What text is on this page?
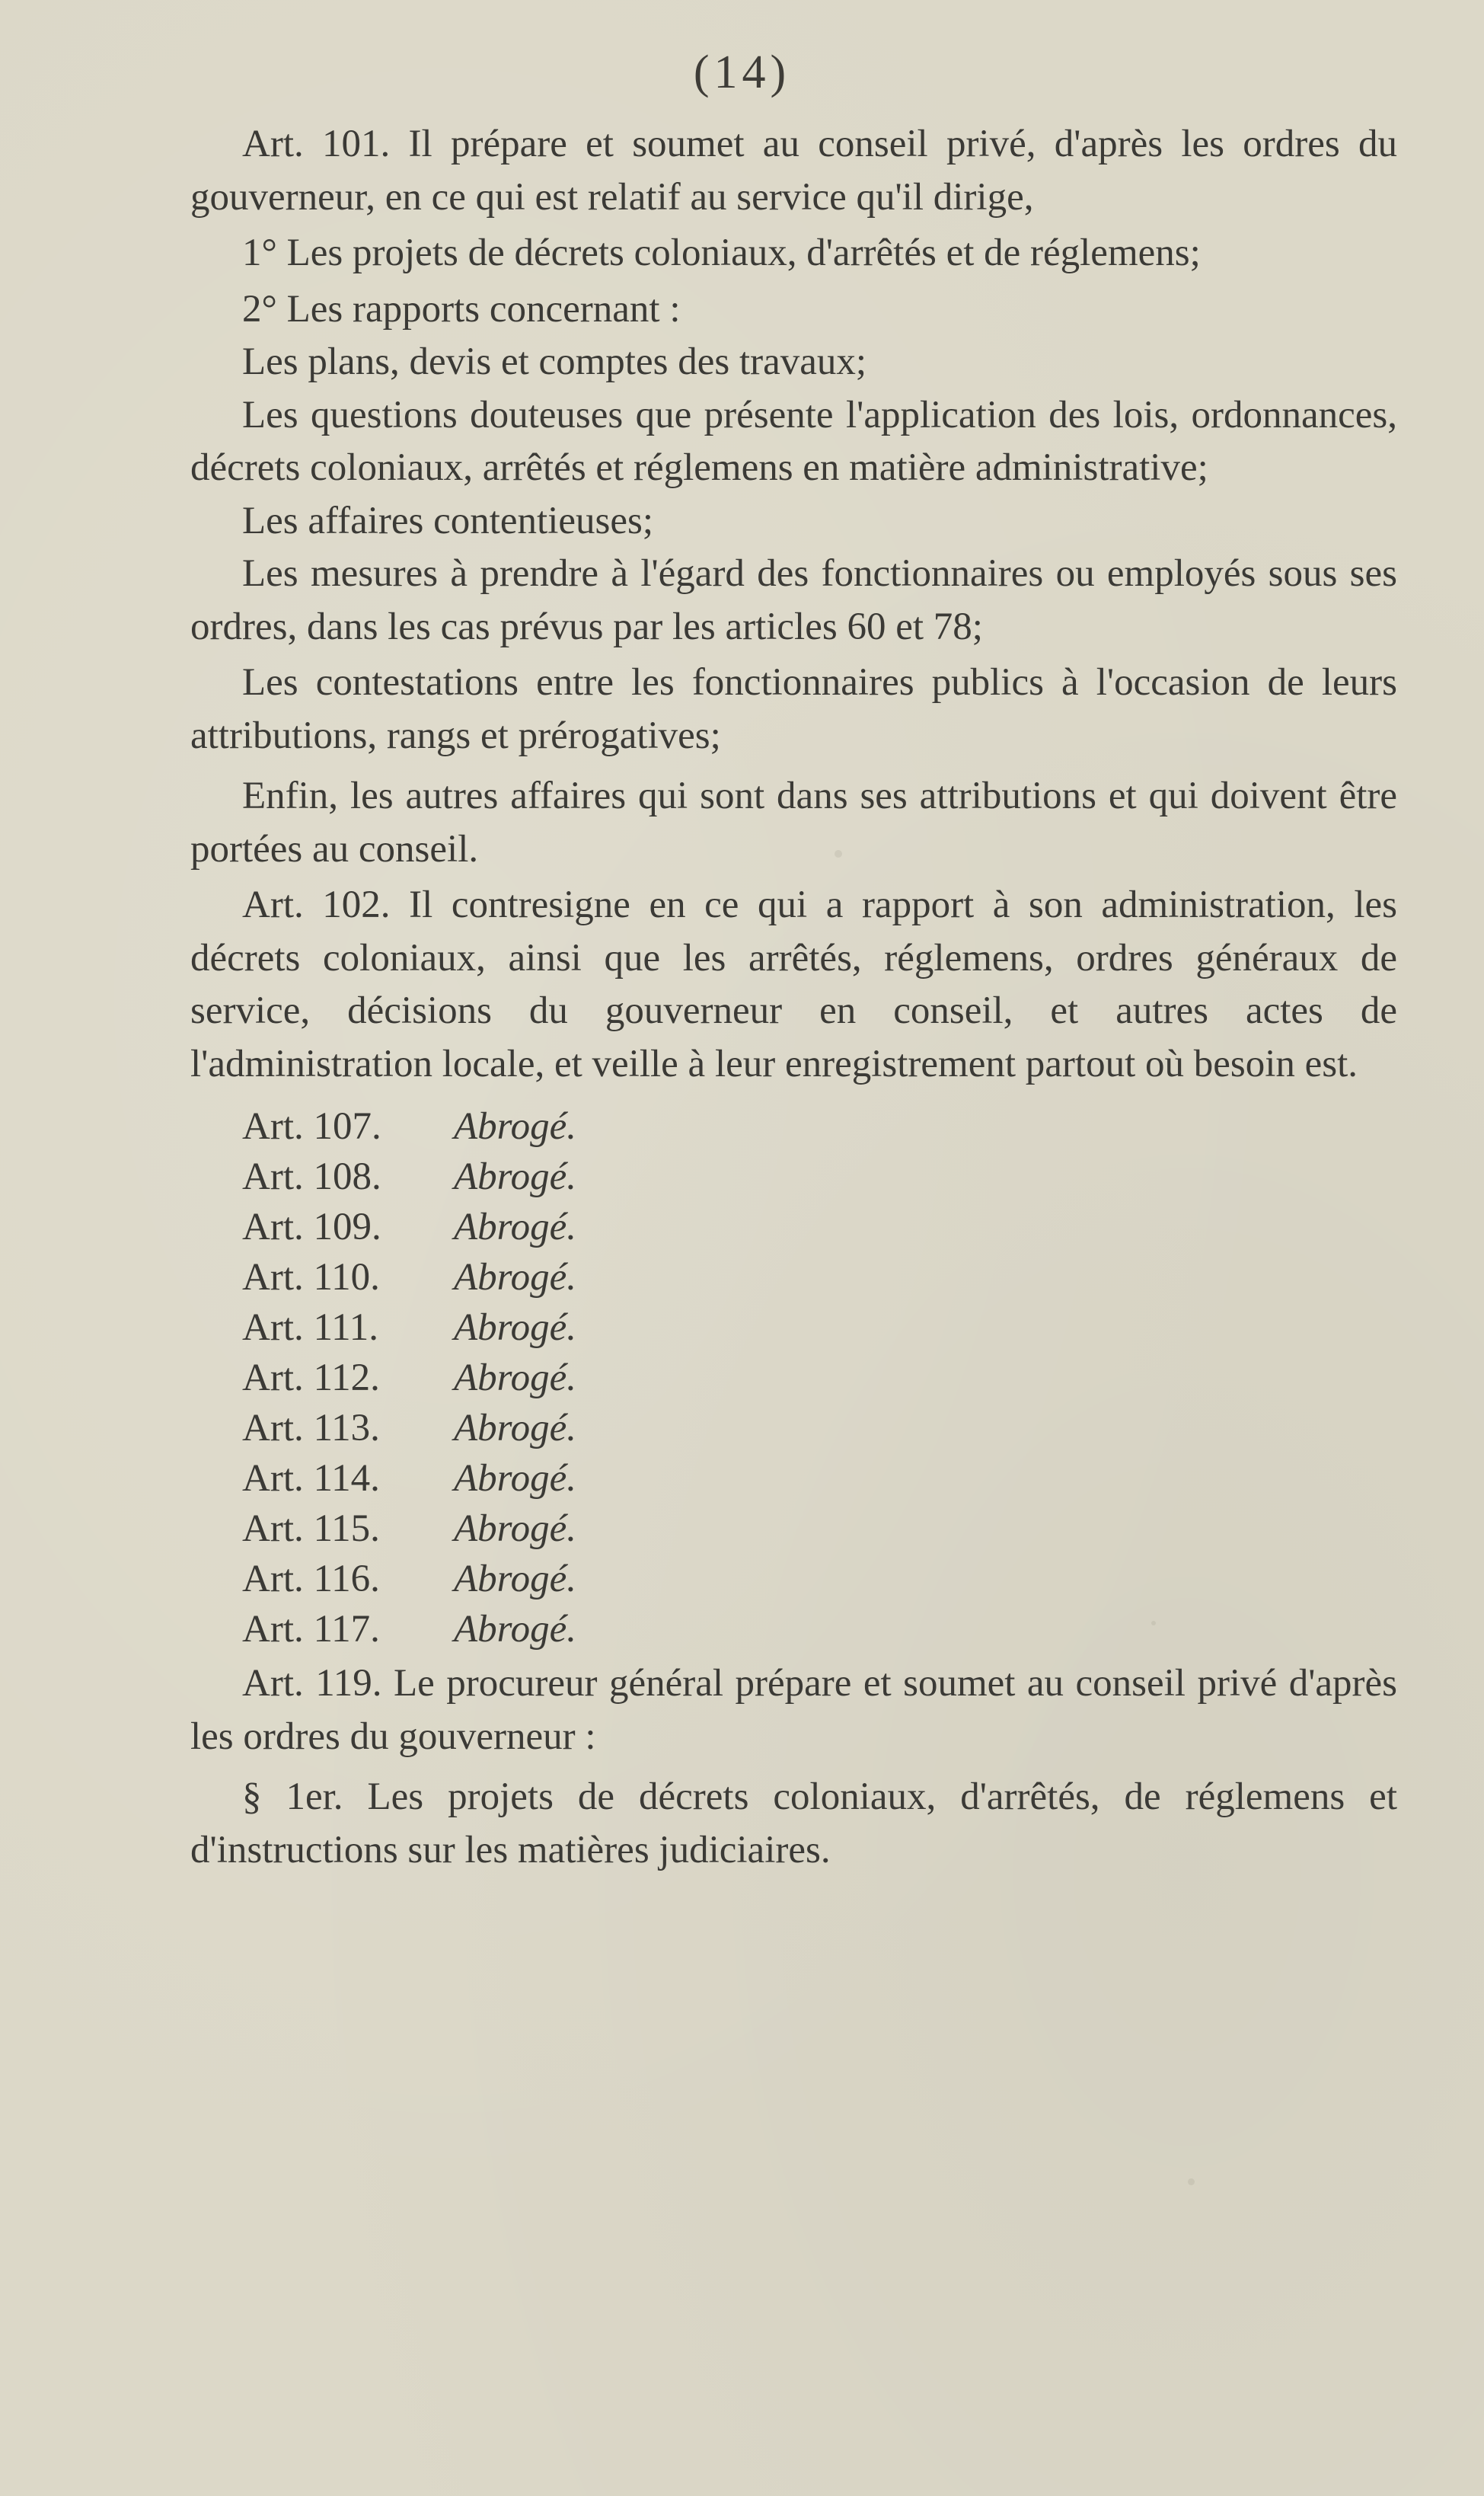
(14)

Art. 101. Il prépare et soumet au conseil privé, d'après les ordres du gouverneur, en ce qui est relatif au service qu'il dirige,

1° Les projets de décrets coloniaux, d'arrêtés et de réglemens;

2° Les rapports concernant :

Les plans, devis et comptes des travaux;

Les questions douteuses que présente l'application des lois, ordonnances, décrets coloniaux, arrêtés et réglemens en matière administrative;

Les affaires contentieuses;

Les mesures à prendre à l'égard des fonctionnaires ou employés sous ses ordres, dans les cas prévus par les articles 60 et 78;

Les contestations entre les fonctionnaires publics à l'occasion de leurs attributions, rangs et prérogatives;

Enfin, les autres affaires qui sont dans ses attributions et qui doivent être portées au conseil.

Art. 102. Il contresigne en ce qui a rapport à son administration, les décrets coloniaux, ainsi que les arrêtés, réglemens, ordres généraux de service, décisions du gouverneur en conseil, et autres actes de l'administration locale, et veille à leur enregistrement partout où besoin est.

Art. 107. Abrogé.
Art. 108. Abrogé.
Art. 109. Abrogé.
Art. 110. Abrogé.
Art. 111. Abrogé.
Art. 112. Abrogé.
Art. 113. Abrogé.
Art. 114. Abrogé.
Art. 115. Abrogé.
Art. 116. Abrogé.
Art. 117. Abrogé.

Art. 119. Le procureur général prépare et soumet au conseil privé d'après les ordres du gouverneur :

§ 1er. Les projets de décrets coloniaux, d'arrêtés, de réglemens et d'instructions sur les matières judiciaires.
